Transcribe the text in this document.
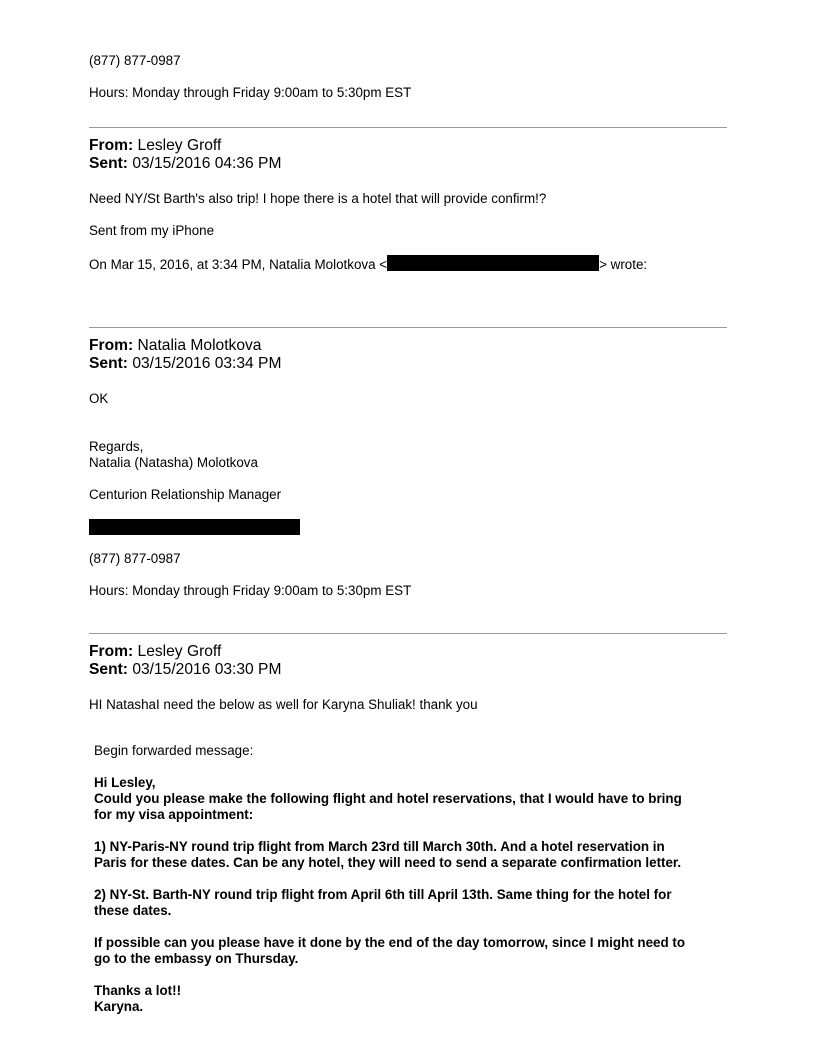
(877) 877-0987
Hours: Monday through Friday 9:00am to 5:30pm EST
From: Lesley Groff
Sent: 03/15/2016 04:36 PM
Need NY/St Barth's also trip! I hope there is a hotel that will provide confirm!?
Sent from my iPhone
On Mar 15, 2016, at 3:34 PM, Natalia Molotkova <	> wrote:
From: Natalia Molotkova
Sent: 03/15/2016 03:34 PM
OK
Regards,
Natalia (Natasha) Molotkova
Centurion Relationship Manager
(877) 877-0987
Hours: Monday through Friday 9:00am to 5:30pm EST
From: Lesley Groff
Sent: 03/15/2016 03:30 PM
HI NatashaI need the below as well for Karyna Shuliak! thank you
Begin forwarded message:
Hi Lesley,
Could you please make the following flight and hotel reservations, that I would have to bring
for my visa appointment:
1) NY-Paris-NY round trip flight from March 23rd till March 30th. And a hotel reservation in
Paris for these dates. Can be any hotel, they will need to send a separate confirmation letter.
2) NY-St. Barth-NY round trip flight from April 6th till April 13th. Same thing for the hotel for
these dates.
If possible can you please have it done by the end of the day tomorrow, since I might need to
go to the embassy on Thursday.
Thanks a lot!!
Karyna.
